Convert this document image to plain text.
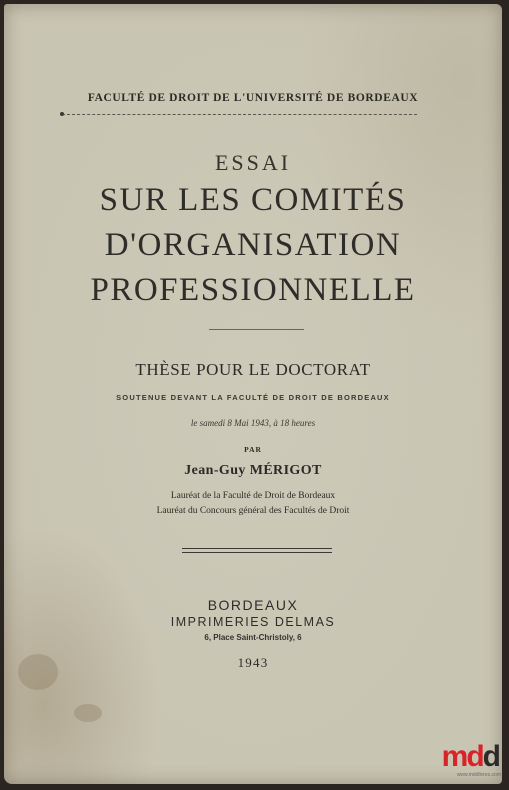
FACULTÉ DE DROIT DE L'UNIVERSITÉ DE BORDEAUX
ESSAI
SUR LES COMITÉS
D'ORGANISATION
PROFESSIONNELLE
THÈSE POUR LE DOCTORAT
SOUTENUE DEVANT LA FACULTÉ DE DROIT DE BORDEAUX
le samedi 8 Mai 1943, à 18 heures
PAR
Jean-Guy MÉRIGOT
Lauréat de la Faculté de Droit de Bordeaux
Lauréat du Concours général des Facultés de Droit
BORDEAUX
IMPRIMERIES DELMAS
6, Place Saint-Christoly, 6
1943
mdd
www.mddlivres.com
